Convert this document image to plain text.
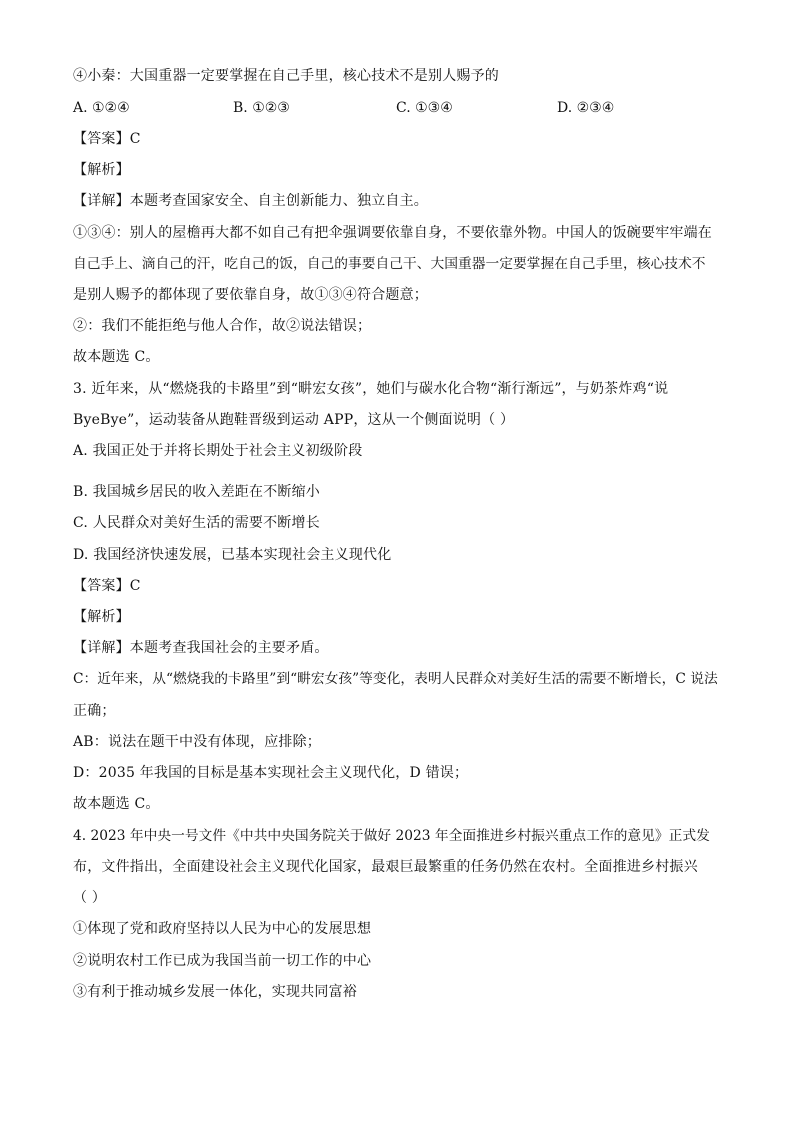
④小秦：大国重器一定要掌握在自己手里，核心技术不是别人赐予的
A. ①②④	B. ①②③	C. ①③④	D. ②③④
【答案】C
【解析】
【详解】本题考查国家安全、自主创新能力、独立自主。
①③④：别人的屋檐再大都不如自己有把伞强调要依靠自身，不要依靠外物。中国人的饭碗要牢牢端在
自己手上、滴自己的汗，吃自己的饭，自己的事要自己干、大国重器一定要掌握在自己手里，核心技术不
是别人赐予的都体现了要依靠自身，故①③④符合题意；
②：我们不能拒绝与他人合作，故②说法错误；
故本题选 C。
3. 近年来，从“燃烧我的卡路里”到“畊宏女孩”，她们与碳水化合物“渐行渐远”，与奶茶炸鸡“说
ByeBye”，运动装备从跑鞋晋级到运动 APP，这从一个侧面说明（ ）
A. 我国正处于并将长期处于社会主义初级阶段
B. 我国城乡居民的收入差距在不断缩小
C. 人民群众对美好生活的需要不断增长
D. 我国经济快速发展，已基本实现社会主义现代化
【答案】C
【解析】
【详解】本题考查我国社会的主要矛盾。
C：近年来，从“燃烧我的卡路里”到“畊宏女孩”等变化，表明人民群众对美好生活的需要不断增长，C 说法
正确；
AB：说法在题干中没有体现，应排除；
D：2035 年我国的目标是基本实现社会主义现代化，D 错误；
故本题选 C。
4. 2023 年中央一号文件《中共中央国务院关于做好 2023 年全面推进乡村振兴重点工作的意见》正式发
布，文件指出，全面建设社会主义现代化国家，最艰巨最繁重的任务仍然在农村。全面推进乡村振兴
（ ）
①体现了党和政府坚持以人民为中心的发展思想
②说明农村工作已成为我国当前一切工作的中心
③有利于推动城乡发展一体化，实现共同富裕
